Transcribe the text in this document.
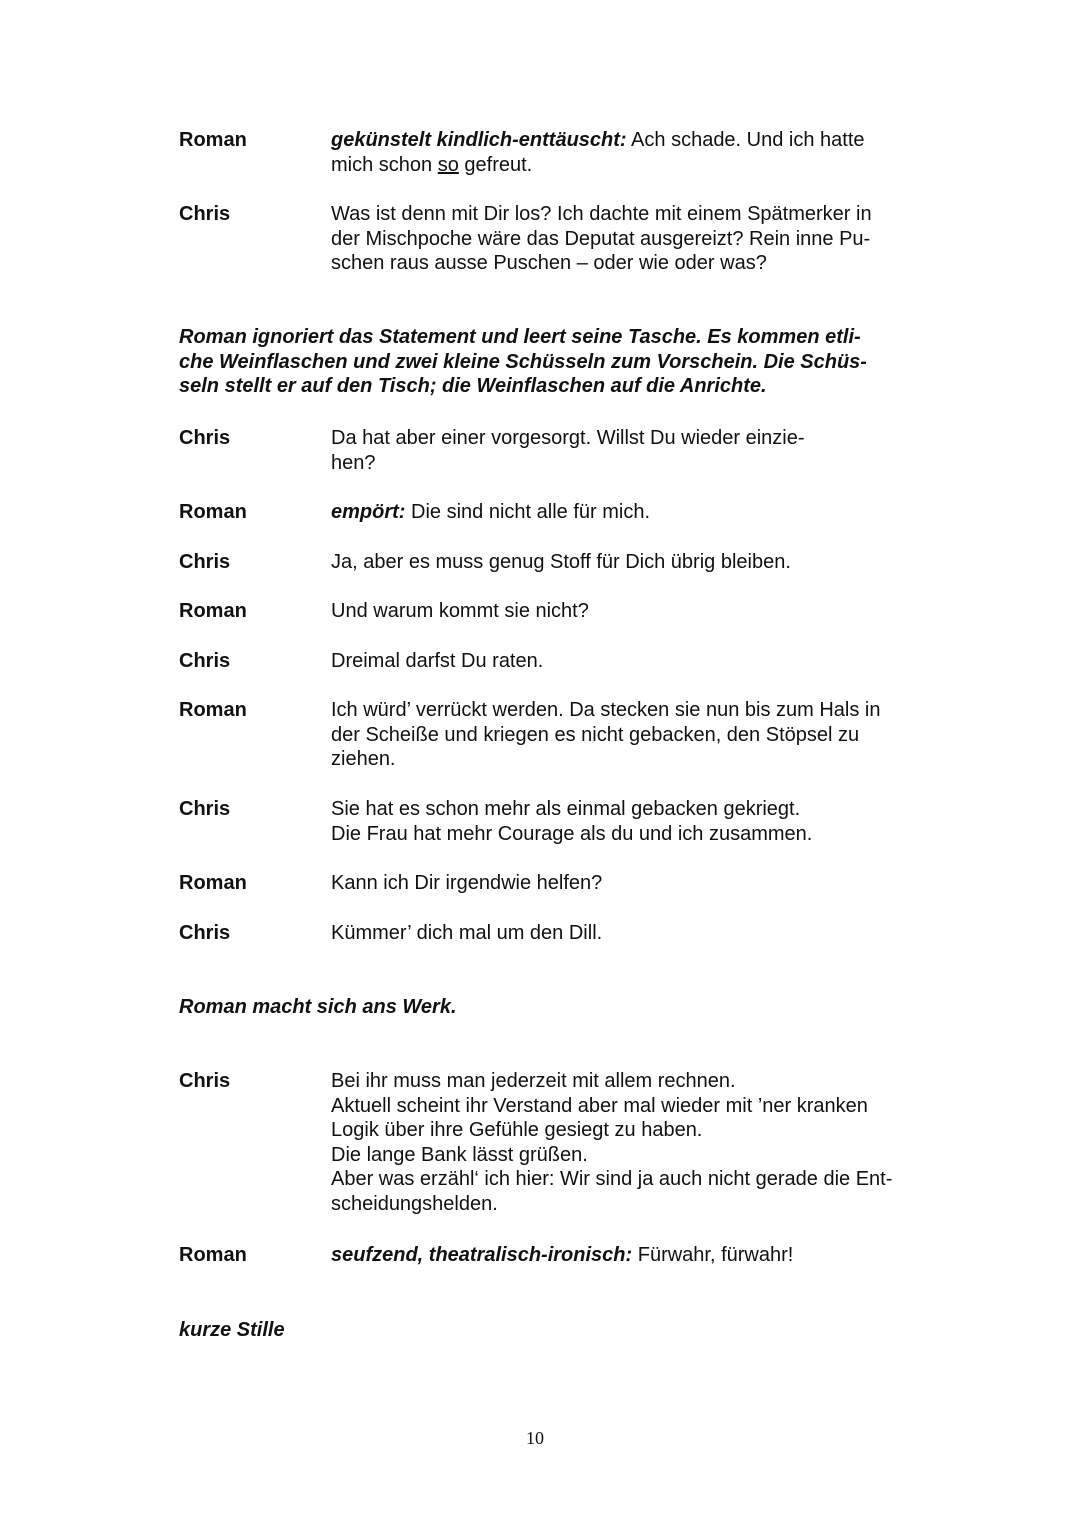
Roman	gekünstelt kindlich-enttäuscht: Ach schade. Und ich hatte
mich schon so gefreut.
Chris	Was ist denn mit Dir los? Ich dachte mit einem Spätmerker in
der Mischpoche wäre das Deputat ausgereizt? Rein inne Pu-
schen raus ausse Puschen – oder wie oder was?
Roman ignoriert das Statement und leert seine Tasche. Es kommen etli-
che Weinflaschen und zwei kleine Schüsseln zum Vorschein. Die Schüs-
seln stellt er auf den Tisch; die Weinflaschen auf die Anrichte.
Chris	Da hat aber einer vorgesorgt. Willst Du wieder einzie-
hen?
Roman	empört: Die sind nicht alle für mich.
Chris	Ja, aber es muss genug Stoff für Dich übrig bleiben.
Roman	Und warum kommt sie nicht?
Chris	Dreimal darfst Du raten.
Roman	Ich würd’ verrückt werden. Da stecken sie nun bis zum Hals in
der Scheiße und kriegen es nicht gebacken, den Stöpsel zu
ziehen.
Chris	Sie hat es schon mehr als einmal gebacken gekriegt.
Die Frau hat mehr Courage als du und ich zusammen.
Roman	Kann ich Dir irgendwie helfen?
Chris	Kümmer’ dich mal um den Dill.
Roman macht sich ans Werk.
Chris	Bei ihr muss man jederzeit mit allem rechnen.
Aktuell scheint ihr Verstand aber mal wieder mit ’ner kranken
Logik über ihre Gefühle gesiegt zu haben.
Die lange Bank lässt grüßen.
Aber was erzähl‘ ich hier: Wir sind ja auch nicht gerade die Ent-
scheidungshelden.
Roman	seufzend, theatralisch-ironisch: Fürwahr, fürwahr!
kurze Stille
10
